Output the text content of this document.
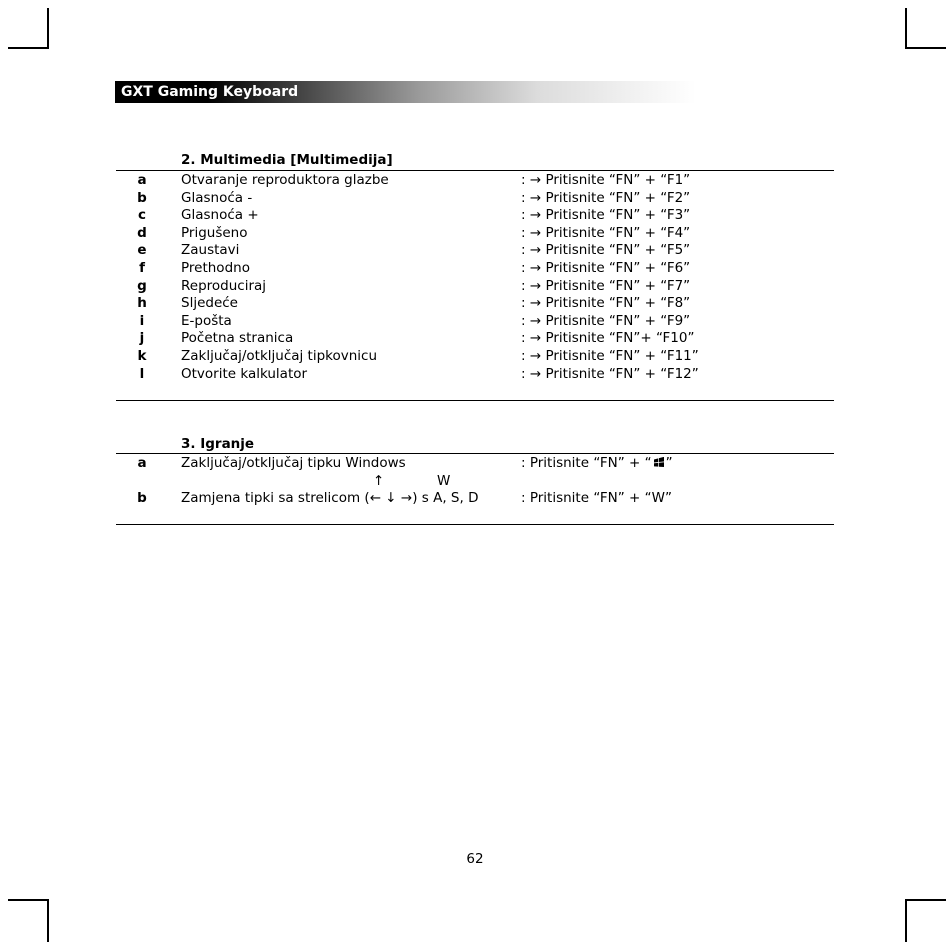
GXT Gaming Keyboard
2. Multimedia [Multimedija]
a	Otvaranje reproduktora glazbe	: → Pritisnite “FN” + “F1”
b	Glasnoća -	: → Pritisnite “FN” + “F2”
c	Glasnoća +	: → Pritisnite “FN” + “F3”
d	Prigušeno	: → Pritisnite “FN” + “F4”
e	Zaustavi	: → Pritisnite “FN” + “F5”
f	Prethodno	: → Pritisnite “FN” + “F6”
g	Reproduciraj	: → Pritisnite “FN” + “F7”
h	Sljedeće	: → Pritisnite “FN” + “F8”
i	E-pošta	: → Pritisnite “FN” + “F9”
j	Početna stranica	: → Pritisnite “FN”+ “F10”
k	Zaključaj/otključaj tipkovnicu	: → Pritisnite “FN” + “F11”
l	Otvorite kalkulator	: → Pritisnite “FN” + “F12”
3. Igranje
a	Zaključaj/otključaj tipku Windows	: Pritisnite “FN” + “ ”
↑	W
b	Zamjena tipki sa strelicom (← ↓ →) s A, S, D	: Pritisnite “FN” + “W”
62
